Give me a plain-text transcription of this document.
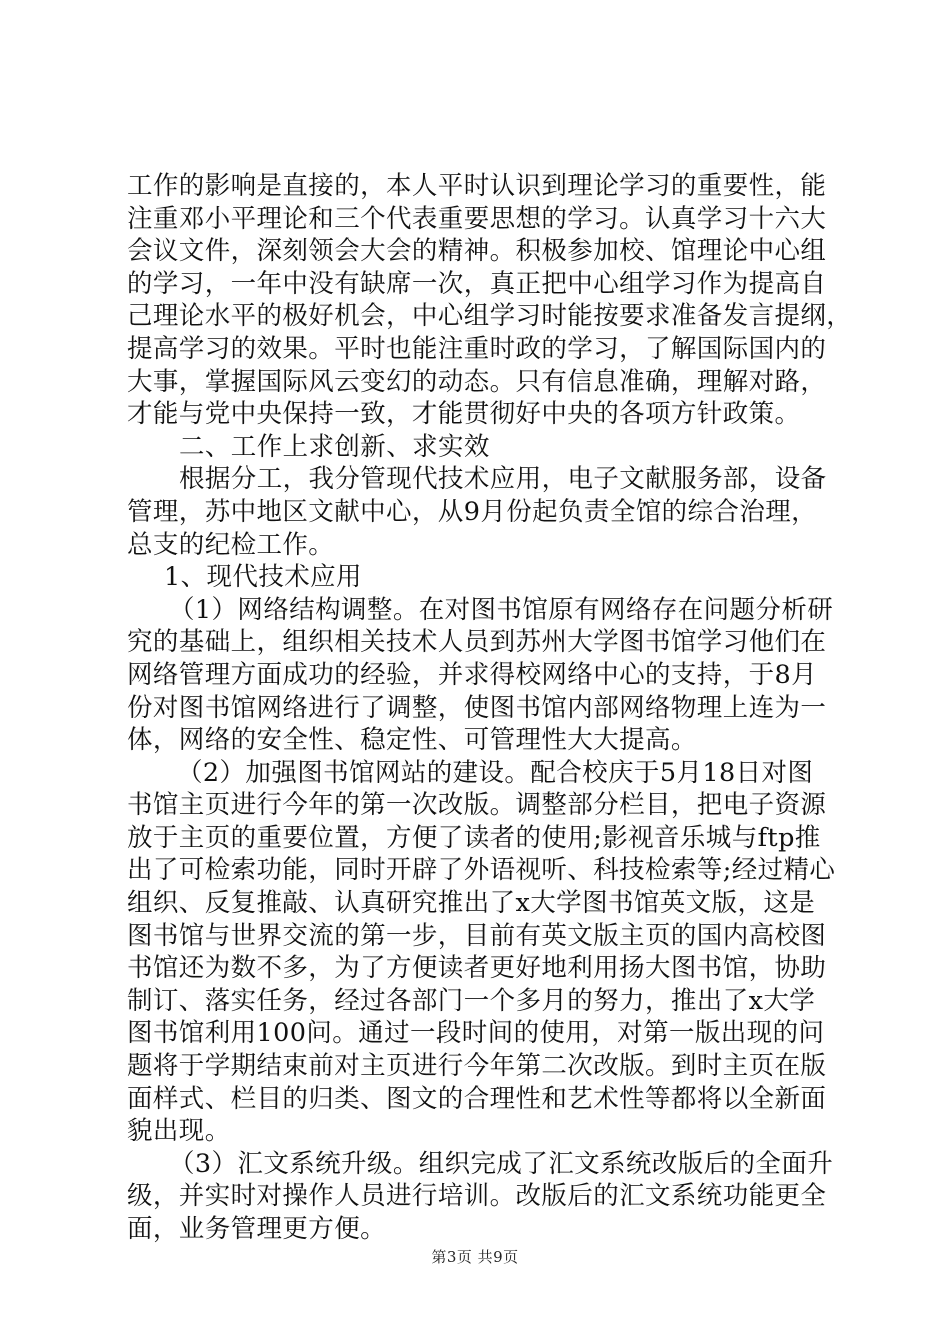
工作的影响是直接的，本人平时认识到理论学习的重要性，能
注重邓小平理论和三个代表重要思想的学习。认真学习十六大
会议文件，深刻领会大会的精神。积极参加校、馆理论中心组
的学习，一年中没有缺席一次，真正把中心组学习作为提高自
己理论水平的极好机会，中心组学习时能按要求准备发言提纲，
提高学习的效果。平时也能注重时政的学习，了解国际国内的
大事，掌握国际风云变幻的动态。只有信息准确，理解对路，
才能与党中央保持一致，才能贯彻好中央的各项方针政策。
二、工作上求创新、求实效
根据分工，我分管现代技术应用，电子文献服务部，设备
管理，苏中地区文献中心，从9月份起负责全馆的综合治理，
总支的纪检工作。
1、现代技术应用
（1）网络结构调整。在对图书馆原有网络存在问题分析研
究的基础上，组织相关技术人员到苏州大学图书馆学习他们在
网络管理方面成功的经验，并求得校网络中心的支持，于8月
份对图书馆网络进行了调整，使图书馆内部网络物理上连为一
体，网络的安全性、稳定性、可管理性大大提高。
（2）加强图书馆网站的建设。配合校庆于5月18日对图
书馆主页进行今年的第一次改版。调整部分栏目，把电子资源
放于主页的重要位置，方便了读者的使用;影视音乐城与ftp推
出了可检索功能，同时开辟了外语视听、科技检索等;经过精心
组织、反复推敲、认真研究推出了x大学图书馆英文版，这是
图书馆与世界交流的第一步，目前有英文版主页的国内高校图
书馆还为数不多，为了方便读者更好地利用扬大图书馆，协助
制订、落实任务，经过各部门一个多月的努力，推出了x大学
图书馆利用100问。通过一段时间的使用，对第一版出现的问
题将于学期结束前对主页进行今年第二次改版。到时主页在版
面样式、栏目的归类、图文的合理性和艺术性等都将以全新面
貌出现。
（3）汇文系统升级。组织完成了汇文系统改版后的全面升
级，并实时对操作人员进行培训。改版后的汇文系统功能更全
面，业务管理更方便。
第3页 共9页
